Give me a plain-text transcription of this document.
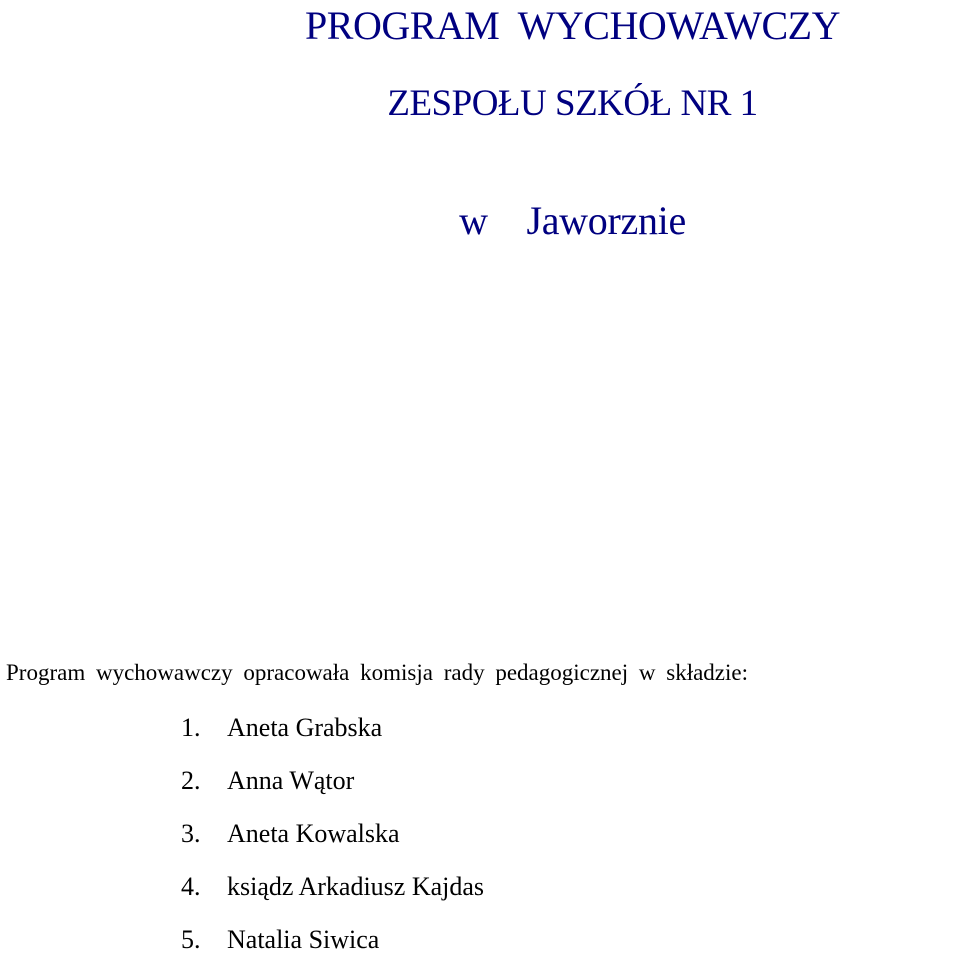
PROGRAM  WYCHOWAWCZY
ZESPOŁU SZKÓŁ NR 1
w    Jaworznie

Program wychowawczy opracowała komisja rady pedagogicznej w składzie:

1. Aneta Grabska
2. Anna Wątor
3. Aneta Kowalska
4. ksiądz Arkadiusz Kajdas
5. Natalia Siwica
